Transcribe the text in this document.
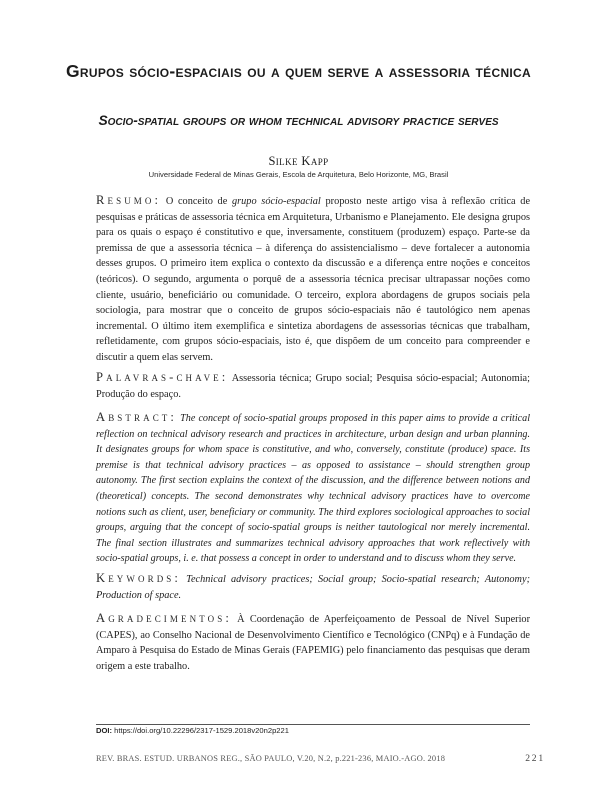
Grupos sócio-espaciais ou a quem serve a assessoria técnica
Socio-spatial groups or whom technical advisory practice serves
Silke Kapp
Universidade Federal de Minas Gerais, Escola de Arquitetura, Belo Horizonte, MG, Brasil
Resumo: O conceito de grupo sócio-espacial proposto neste artigo visa à reflexão crítica de pesquisas e práticas de assessoria técnica em Arquitetura, Urbanismo e Planejamento. Ele designa grupos para os quais o espaço é constitutivo e que, inversamente, constituem (produzem) espaço. Parte-se da premissa de que a assessoria técnica – à diferença do assistencialismo – deve fortalecer a autonomia desses grupos. O primeiro item explica o contexto da discussão e a diferença entre noções e conceitos (teóricos). O segundo, argumenta o porquê de a assessoria técnica precisar ultrapassar noções como cliente, usuário, beneficiário ou comunidade. O terceiro, explora abordagens de grupos sociais pela sociologia, para mostrar que o conceito de grupos sócio-espaciais não é tautológico nem apenas incremental. O último item exemplifica e sintetiza abordagens de assessorias técnicas que trabalham, refletidamente, com grupos sócio-espaciais, isto é, que dispõem de um conceito para compreender e discutir a quem elas servem.
Palavras-chave: Assessoria técnica; Grupo social; Pesquisa sócio-espacial; Autonomia; Produção do espaço.
Abstract: The concept of socio-spatial groups proposed in this paper aims to provide a critical reflection on technical advisory research and practices in architecture, urban design and urban planning. It designates groups for whom space is constitutive, and who, conversely, constitute (produce) space. Its premise is that technical advisory practices – as opposed to assistance – should strengthen group autonomy. The first section explains the context of the discussion, and the difference between notions and (theoretical) concepts. The second demonstrates why technical advisory practices have to overcome notions such as client, user, beneficiary or community. The third explores sociological approaches to social groups, arguing that the concept of socio-spatial groups is neither tautological nor merely incremental. The final section illustrates and summarizes technical advisory approaches that work reflectively with socio-spatial groups, i. e. that possess a concept in order to understand and to discuss whom they serve.
Keywords: Technical advisory practices; Social group; Socio-spatial research; Autonomy; Production of space.
Agradecimentos: À Coordenação de Aperfeiçoamento de Pessoal de Nível Superior (CAPES), ao Conselho Nacional de Desenvolvimento Científico e Tecnológico (CNPq) e à Fundação de Amparo à Pesquisa do Estado de Minas Gerais (FAPEMIG) pelo financiamento das pesquisas que deram origem a este trabalho.
DOI: https://doi.org/10.22296/2317-1529.2018v20n2p221
REV. BRAS. ESTUD. URBANOS REG., SÃO PAULO, V.20, N.2, p.221-236, MAIO.-AGO. 2018	221
